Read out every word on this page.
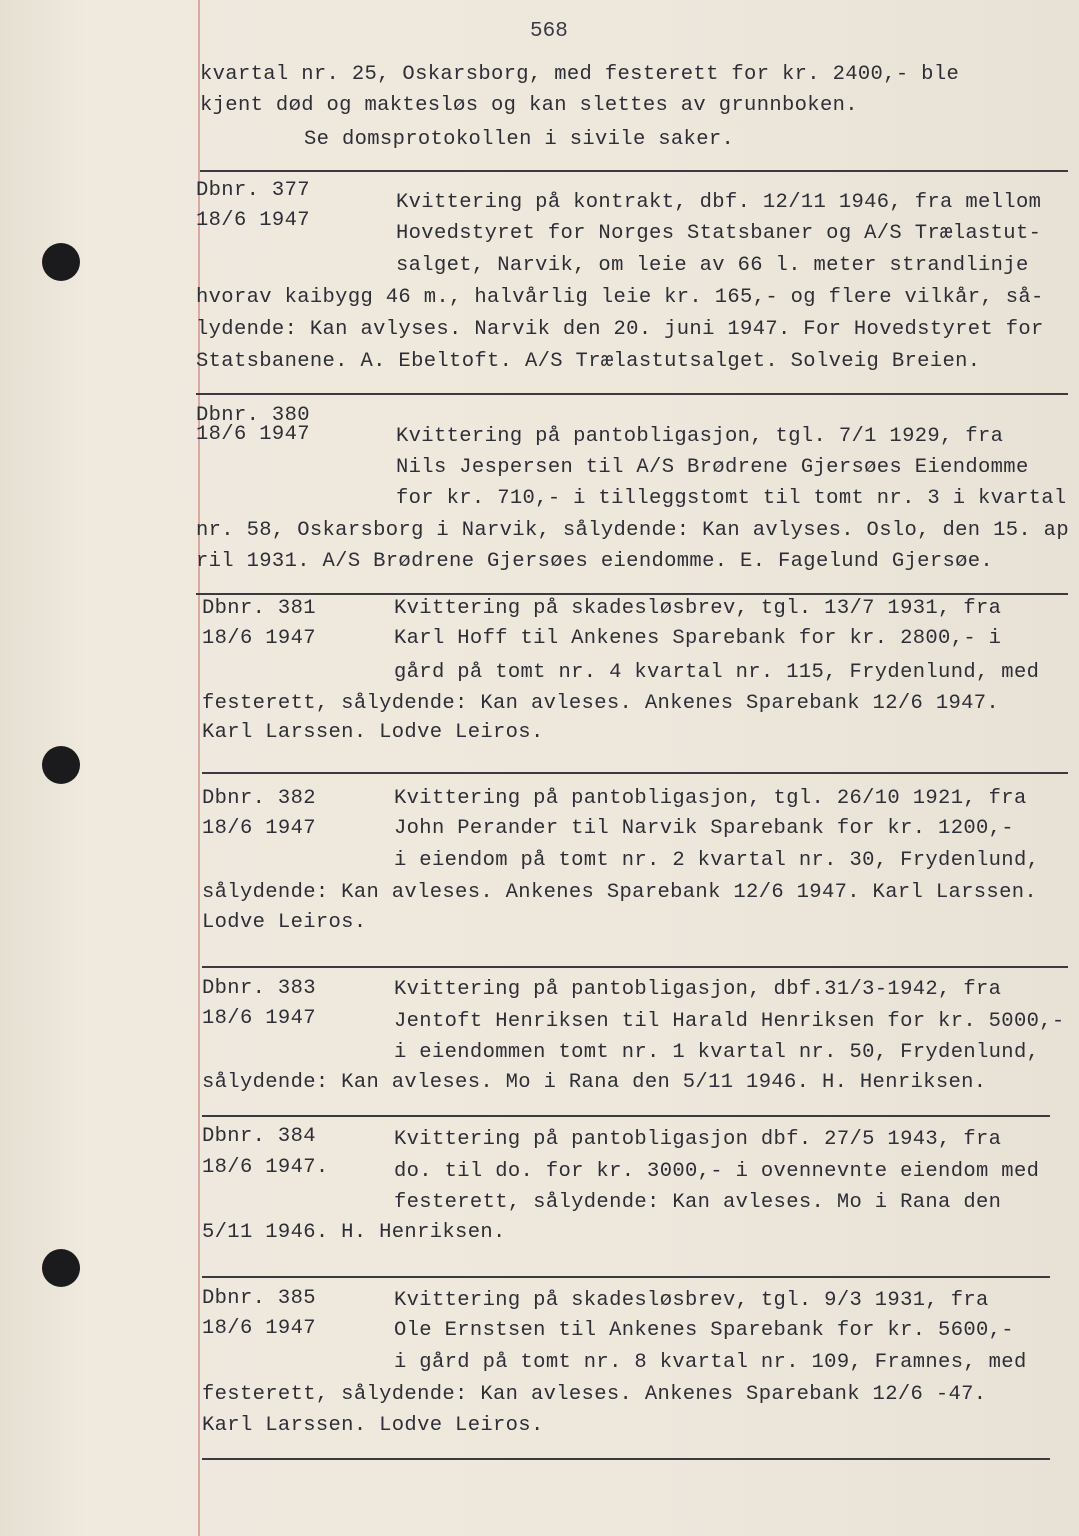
568
kvartal nr. 25, Oskarsborg, med festerett for kr. 2400,- ble
kjent død og maktesløs og kan slettes av grunnboken.
Se domsprotokollen i sivile saker.
Dbnr. 377
18/6 1947
Kvittering på kontrakt, dbf. 12/11 1946, fra mellom
Hovedstyret for Norges Statsbaner og A/S Trælastut-
salget, Narvik, om leie av 66 l. meter strandlinje
hvorav kaibygg 46 m., halvårlig leie kr. 165,- og flere vilkår, så-
lydende: Kan avlyses. Narvik den 20. juni 1947. For Hovedstyret for
Statsbanene. A. Ebeltoft. A/S Trælastutsalget. Solveig Breien.
Dbnr. 380
18/6 1947	Kvittering på pantobligasjon, tgl. 7/1 1929, fra
Nils Jespersen til A/S Brødrene Gjersøes Eiendomme
for kr. 710,- i tilleggstomt til tomt nr. 3 i kvartal
nr. 58, Oskarsborg i Narvik, sålydende: Kan avlyses. Oslo, den 15. ap
ril 1931. A/S Brødrene Gjersøes eiendomme. E. Fagelund Gjersøe.
Dbnr. 381
18/6 1947
Kvittering på skadesløsbrev, tgl. 13/7 1931, fra
Karl Hoff til Ankenes Sparebank for kr. 2800,- i
gård på tomt nr. 4 kvartal nr. 115, Frydenlund, med
festerett, sålydende: Kan avleses. Ankenes Sparebank 12/6 1947.
Karl Larssen. Lodve Leiros.
Dbnr. 382
18/6 1947
Kvittering på pantobligasjon, tgl. 26/10 1921, fra
John Perander til Narvik Sparebank for kr. 1200,-
i eiendom på tomt nr. 2 kvartal nr. 30, Frydenlund,
sålydende: Kan avleses. Ankenes Sparebank 12/6 1947. Karl Larssen.
Lodve Leiros.
Dbnr. 383
18/6 1947
Kvittering på pantobligasjon, dbf.31/3-1942, fra
Jentoft Henriksen til Harald Henriksen for kr. 5000,-
i eiendommen tomt nr. 1 kvartal nr. 50, Frydenlund,
sålydende: Kan avleses. Mo i Rana den 5/11 1946. H. Henriksen.
Dbnr. 384
18/6 1947.
Kvittering på pantobligasjon dbf. 27/5 1943, fra
do. til do. for kr. 3000,- i ovennevnte eiendom med
festerett, sålydende: Kan avleses. Mo i Rana den
5/11 1946. H. Henriksen.
Dbnr. 385
18/6 1947
Kvittering på skadesløsbrev, tgl. 9/3 1931, fra
Ole Ernstsen til Ankenes Sparebank for kr. 5600,-
i gård på tomt nr. 8 kvartal nr. 109, Framnes, med
festerett, sålydende: Kan avleses. Ankenes Sparebank 12/6 -47.
Karl Larssen. Lodve Leiros.
